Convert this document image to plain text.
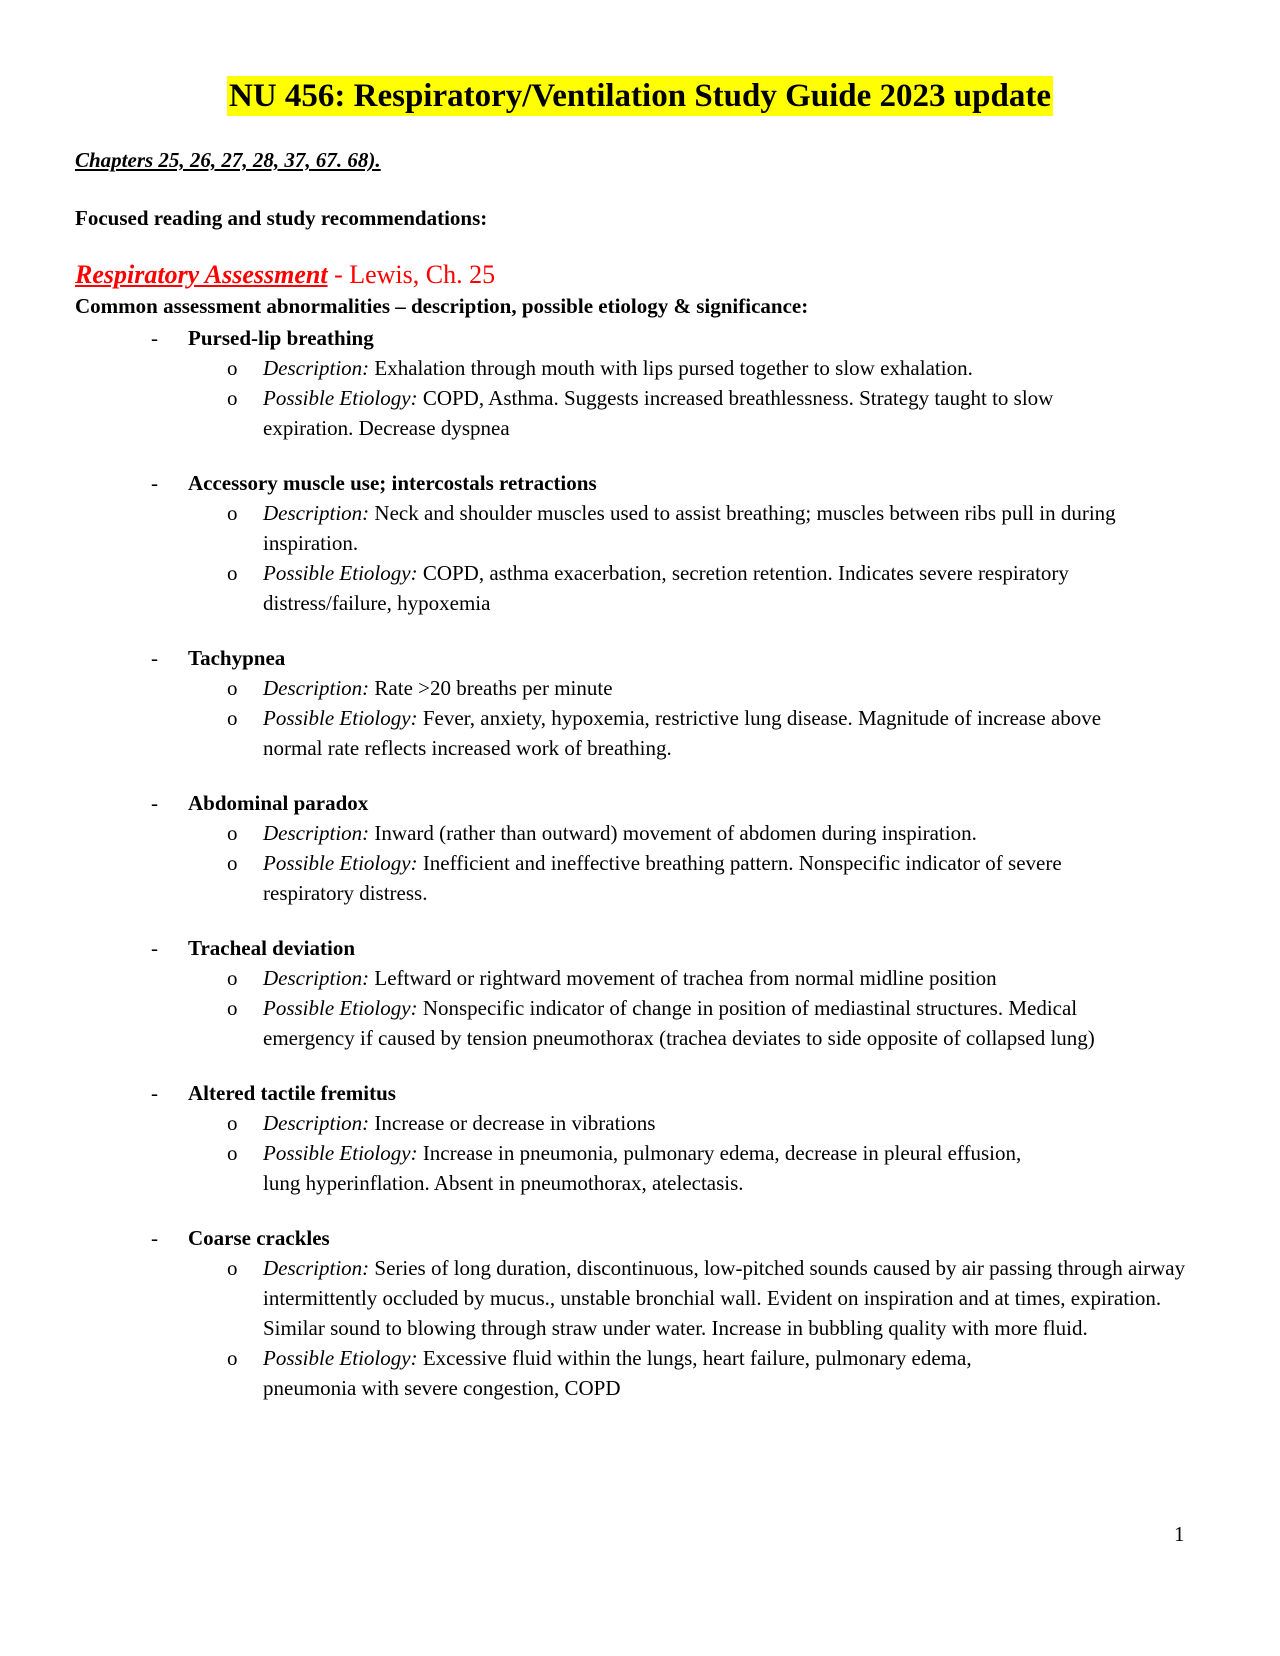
NU 456: Respiratory/Ventilation Study Guide 2023 update
Chapters 25, 26, 27, 28, 37, 67. 68).
Focused reading and study recommendations:
Respiratory Assessment - Lewis, Ch. 25
Common assessment abnormalities – description, possible etiology & significance:
- Pursed-lip breathing
o Description: Exhalation through mouth with lips pursed together to slow exhalation.
o Possible Etiology: COPD, Asthma. Suggests increased breathlessness. Strategy taught to slow expiration. Decrease dyspnea
- Accessory muscle use; intercostals retractions
o Description: Neck and shoulder muscles used to assist breathing; muscles between ribs pull in during inspiration.
o Possible Etiology: COPD, asthma exacerbation, secretion retention. Indicates severe respiratory distress/failure, hypoxemia
- Tachypnea
o Description: Rate >20 breaths per minute
o Possible Etiology: Fever, anxiety, hypoxemia, restrictive lung disease. Magnitude of increase above normal rate reflects increased work of breathing.
- Abdominal paradox
o Description: Inward (rather than outward) movement of abdomen during inspiration.
o Possible Etiology: Inefficient and ineffective breathing pattern. Nonspecific indicator of severe respiratory distress.
- Tracheal deviation
o Description: Leftward or rightward movement of trachea from normal midline position
o Possible Etiology: Nonspecific indicator of change in position of mediastinal structures. Medical emergency if caused by tension pneumothorax (trachea deviates to side opposite of collapsed lung)
- Altered tactile fremitus
o Description: Increase or decrease in vibrations
o Possible Etiology: Increase in pneumonia, pulmonary edema, decrease in pleural effusion, lung hyperinflation. Absent in pneumothorax, atelectasis.
- Coarse crackles
o Description: Series of long duration, discontinuous, low-pitched sounds caused by air passing through airway intermittently occluded by mucus., unstable bronchial wall. Evident on inspiration and at times, expiration. Similar sound to blowing through straw under water. Increase in bubbling quality with more fluid.
o Possible Etiology: Excessive fluid within the lungs, heart failure, pulmonary edema, pneumonia with severe congestion, COPD
1
